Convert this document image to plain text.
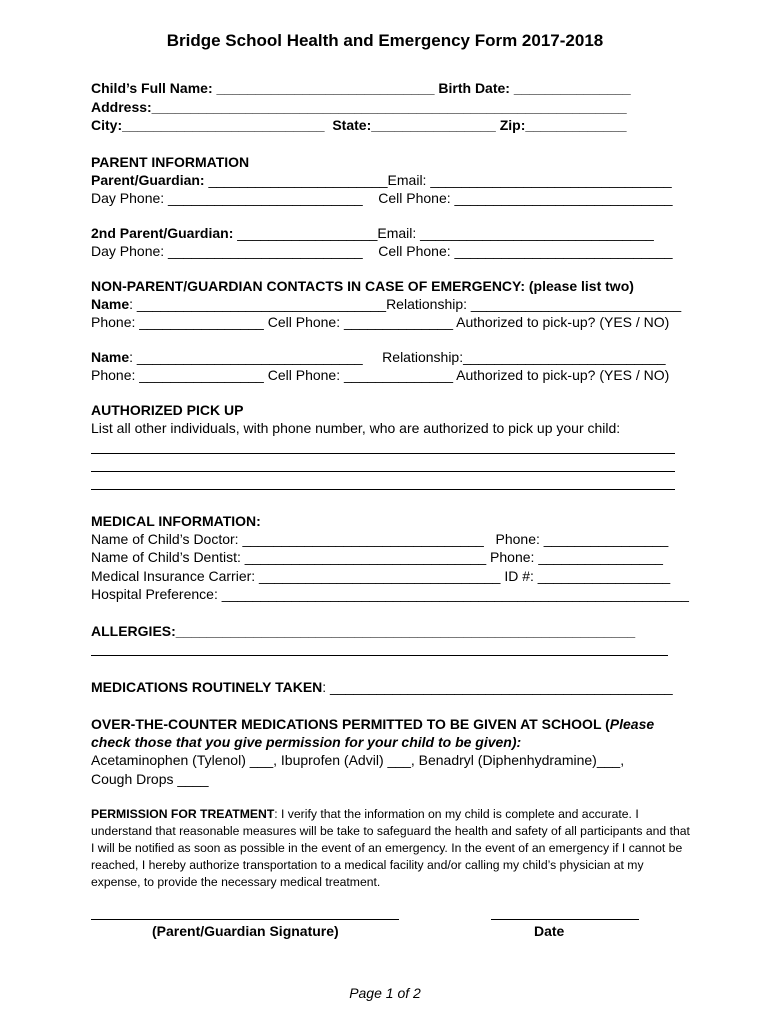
Bridge School Health and Emergency Form 2017-2018
Child’s Full Name: ____________________________ Birth Date: _______________
Address:_____________________________________________________________
City:__________________________  State:________________ Zip:_____________
PARENT INFORMATION
Parent/Guardian: _______________________Email: _______________________________
Day Phone: _________________________    Cell Phone: ____________________________
2nd Parent/Guardian: __________________Email: ______________________________
Day Phone: _________________________    Cell Phone: ____________________________
NON-PARENT/GUARDIAN CONTACTS IN CASE OF EMERGENCY: (please list two)
Name: ________________________________Relationship: ___________________________
Phone: ________________ Cell Phone: ______________ Authorized to pick-up? (YES / NO)
Name: _____________________________     Relationship:__________________________
Phone: ________________ Cell Phone: ______________ Authorized to pick-up? (YES / NO)
AUTHORIZED PICK UP
List all other individuals, with phone number, who are authorized to pick up your child:
MEDICAL INFORMATION:
Name of Child’s Doctor: _______________________________   Phone: ________________
Name of Child’s Dentist: _______________________________ Phone: ________________
Medical Insurance Carrier: _______________________________ ID #: _________________
Hospital Preference: ____________________________________________________________
ALLERGIES:___________________________________________________________
MEDICATIONS ROUTINELY TAKEN: ____________________________________________
OVER-THE-COUNTER MEDICATIONS PERMITTED TO BE GIVEN AT SCHOOL (Please
check those that you give permission for your child to be given):
Acetaminophen (Tylenol) ___, Ibuprofen (Advil) ___, Benadryl (Diphenhydramine)___,
Cough Drops ____
PERMISSION FOR TREATMENT: I verify that the information on my child is complete and accurate. I understand that reasonable measures will be take to safeguard the health and safety of all participants and that I will be notified as soon as possible in the event of an emergency. In the event of an emergency if I cannot be reached, I hereby authorize transportation to a medical facility and/or calling my child’s physician at my expense, to provide the necessary medical treatment.
(Parent/Guardian Signature)	Date
Page 1 of 2
